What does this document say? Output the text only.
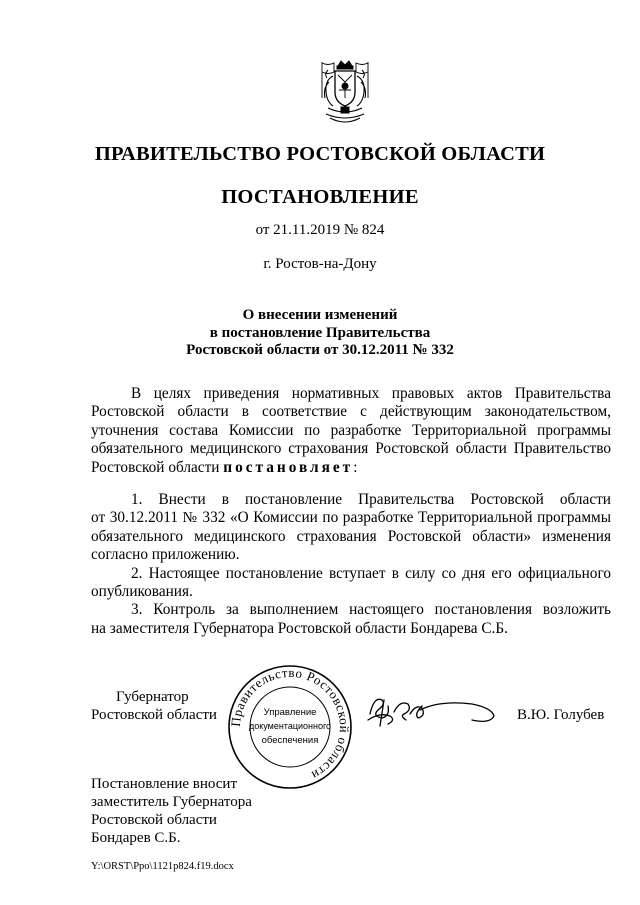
ПРАВИТЕЛЬСТВО РОСТОВСКОЙ ОБЛАСТИ
ПОСТАНОВЛЕНИЕ
от 21.11.2019 № 824
г. Ростов-на-Дону
О внесении изменений
в постановление Правительства
Ростовской области от 30.12.2011 № 332
В целях приведения нормативных правовых актов Правительства
Ростовской области в соответствие с действующим законодательством,
уточнения состава Комиссии по разработке Территориальной программы
обязательного медицинского страхования Ростовской области Правительство
Ростовской области постановляет:
1. Внести в постановление Правительства Ростовской области
от 30.12.2011 № 332 «О Комиссии по разработке Территориальной программы
обязательного медицинского страхования Ростовской области» изменения
согласно приложению.
2. Настоящее постановление вступает в силу со дня его официального
опубликования.
3. Контроль за выполнением настоящего постановления возложить
на заместителя Губернатора Ростовской области Бондарева С.Б.
Губернатор
Ростовской области	В.Ю. Голубев
Правительство Ростовской области
Управление
документационного
обеспечения
Постановление вносит
заместитель Губернатора
Ростовской области
Бондарев С.Б.
Y:\ORST\Ppo\1121p824.f19.docx
